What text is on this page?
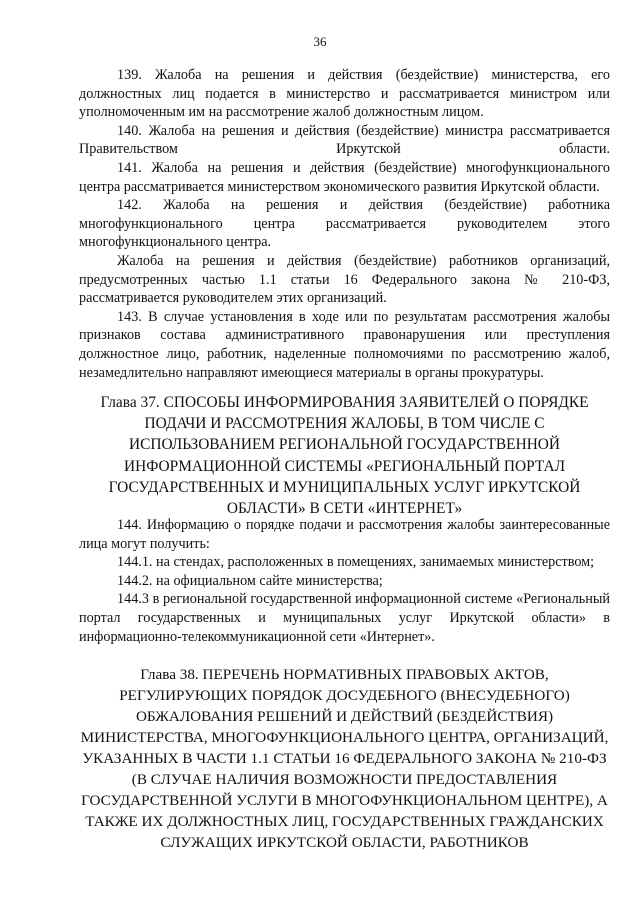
36

139. Жалоба на решения и действия (бездействие) министерства, его должностных лиц подается в министерство и рассматривается министром или уполномоченным им на рассмотрение жалоб должностным лицом.

140. Жалоба на решения и действия (бездействие) министра рассматривается Правительством Иркутской области.

141. Жалоба на решения и действия (бездействие) многофункционального центра рассматривается министерством экономического развития Иркутской области.

142. Жалоба на решения и действия (бездействие) работника многофункционального центра рассматривается руководителем этого многофункционального центра.

Жалоба на решения и действия (бездействие) работников организаций, предусмотренных частью 1.1 статьи 16 Федерального закона № 210-ФЗ, рассматривается руководителем этих организаций.

143. В случае установления в ходе или по результатам рассмотрения жалобы признаков состава административного правонарушения или преступления должностное лицо, работник, наделенные полномочиями по рассмотрению жалоб, незамедлительно направляют имеющиеся материалы в органы прокуратуры.

Глава 37. СПОСОБЫ ИНФОРМИРОВАНИЯ ЗАЯВИТЕЛЕЙ О ПОРЯДКЕ
ПОДАЧИ И РАССМОТРЕНИЯ ЖАЛОБЫ, В ТОМ ЧИСЛЕ С
ИСПОЛЬЗОВАНИЕМ РЕГИОНАЛЬНОЙ ГОСУДАРСТВЕННОЙ
ИНФОРМАЦИОННОЙ СИСТЕМЫ «РЕГИОНАЛЬНЫЙ ПОРТАЛ
ГОСУДАРСТВЕННЫХ И МУНИЦИПАЛЬНЫХ УСЛУГ ИРКУТСКОЙ
ОБЛАСТИ» В СЕТИ «ИНТЕРНЕТ»

144. Информацию о порядке подачи и рассмотрения жалобы заинтересованные лица могут получить:

144.1. на стендах, расположенных в помещениях, занимаемых министерством;

144.2. на официальном сайте министерства;

144.3 в региональной государственной информационной системе «Региональный портал государственных и муниципальных услуг Иркутской области» в информационно-телекоммуникационной сети «Интернет».

Глава 38. ПЕРЕЧЕНЬ НОРМАТИВНЫХ ПРАВОВЫХ АКТОВ,
РЕГУЛИРУЮЩИХ ПОРЯДОК ДОСУДЕБНОГО (ВНЕСУДЕБНОГО)
ОБЖАЛОВАНИЯ РЕШЕНИЙ И ДЕЙСТВИЙ (БЕЗДЕЙСТВИЯ)
МИНИСТЕРСТВА, МНОГОФУНКЦИОНАЛЬНОГО ЦЕНТРА, ОРГАНИЗАЦИЙ,
УКАЗАННЫХ В ЧАСТИ 1.1 СТАТЬИ 16 ФЕДЕРАЛЬНОГО ЗАКОНА № 210-ФЗ
(В СЛУЧАЕ НАЛИЧИЯ ВОЗМОЖНОСТИ ПРЕДОСТАВЛЕНИЯ
ГОСУДАРСТВЕННОЙ УСЛУГИ В МНОГОФУНКЦИОНАЛЬНОМ ЦЕНТРЕ), А
ТАКЖЕ ИХ ДОЛЖНОСТНЫХ ЛИЦ, ГОСУДАРСТВЕННЫХ ГРАЖДАНСКИХ
СЛУЖАЩИХ ИРКУТСКОЙ ОБЛАСТИ, РАБОТНИКОВ
